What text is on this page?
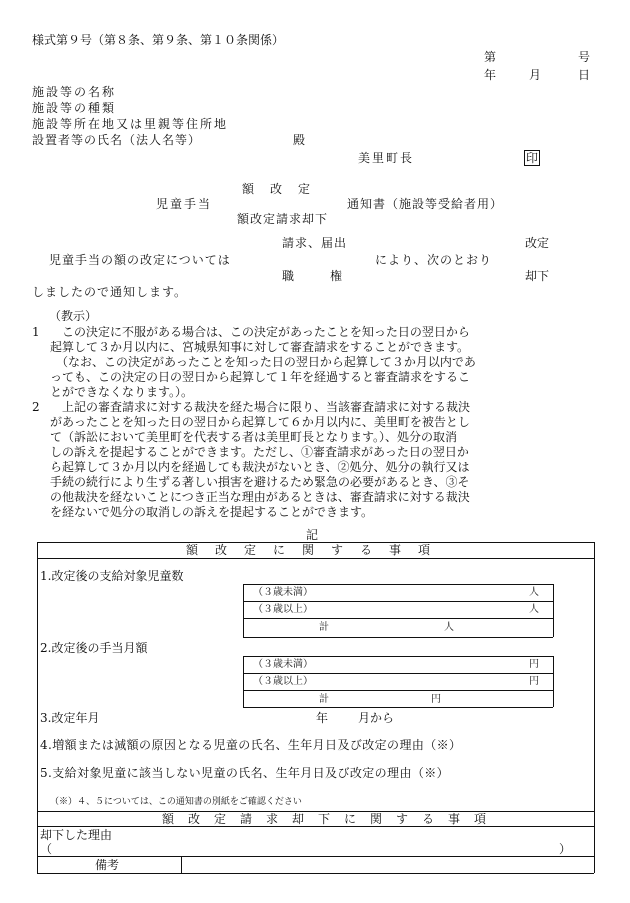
様式第９号（第８条、第９条、第１０条関係）
第	号
年	月	日
施設等の名称
施設等の種類
施設等所在地又は里親等住所地
設置者等の氏名（法人名等）	殿
美里町長	印
額　改　定
児童手当	通知書（施設等受給者用）
額改定請求却下
請求、届出	改定
児童手当の額の改定については	により、次のとおり
職　　　権	却下
しましたので通知します。
（教示）
1 この決定に不服がある場合は、この決定があったことを知った日の翌日から
起算して３か月以内に、宮城県知事に対して審査請求をすることができます。
（なお、この決定があったことを知った日の翌日から起算して３か月以内であ
っても、この決定の日の翌日から起算して１年を経過すると審査請求をするこ
とができなくなります。）。
2 上記の審査請求に対する裁決を経た場合に限り、当該審査請求に対する裁決
があったことを知った日の翌日から起算して６か月以内に、美里町を被告とし
て（訴訟において美里町を代表する者は美里町長となります。）、処分の取消
しの訴えを提起することができます。ただし、①審査請求があった日の翌日か
ら起算して３か月以内を経過しても裁決がないとき、②処分、処分の執行又は
手続の続行により生ずる著しい損害を避けるため緊急の必要があるとき、③そ
の他裁決を経ないことにつき正当な理由があるときは、審査請求に対する裁決
を経ないで処分の取消しの訴えを提起することができます。
記
額改定に関する事項
1.改定後の支給対象児童数
（３歳未満）	人
（３歳以上）	人
計	人
2.改定後の手当月額
（３歳未満）	円
（３歳以上）	円
計	円
3.改定年月	年 月から
4.増額または減額の原因となる児童の氏名、生年月日及び改定の理由（※）
5.支給対象児童に該当しない児童の氏名、生年月日及び改定の理由（※）
（※）４、５については、この通知書の別紙をご確認ください
額改定請求却下に関する事項
却下した理由
（	）
備考
